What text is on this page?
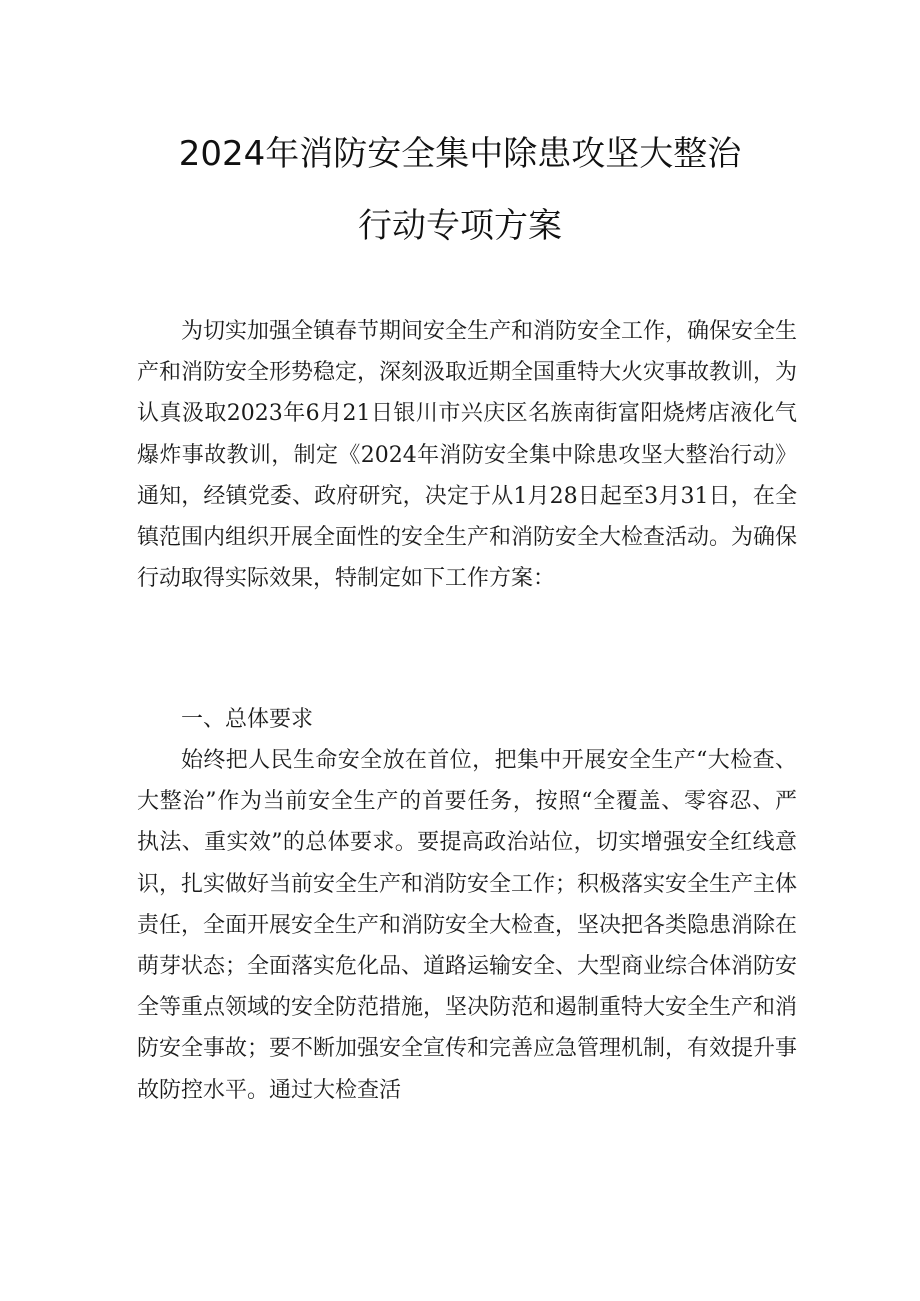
2024年消防安全集中除患攻坚大整治
行动专项方案

为切实加强全镇春节期间安全生产和消防安全工作，确保安全生产和消防安全形势稳定，深刻汲取近期全国重特大火灾事故教训，为认真汲取2023年6月21日银川市兴庆区名族南街富阳烧烤店液化气爆炸事故教训，制定《2024年消防安全集中除患攻坚大整治行动》通知，经镇党委、政府研究，决定于从1月28日起至3月31日，在全镇范围内组织开展全面性的安全生产和消防安全大检查活动。为确保行动取得实际效果，特制定如下工作方案：

一、总体要求

始终把人民生命安全放在首位，把集中开展安全生产“大检查、大整治”作为当前安全生产的首要任务，按照“全覆盖、零容忍、严执法、重实效”的总体要求。要提高政治站位，切实增强安全红线意识，扎实做好当前安全生产和消防安全工作；积极落实安全生产主体责任，全面开展安全生产和消防安全大检查，坚决把各类隐患消除在萌芽状态；全面落实危化品、道路运输安全、大型商业综合体消防安全等重点领域的安全防范措施，坚决防范和遏制重特大安全生产和消防安全事故；要不断加强安全宣传和完善应急管理机制，有效提升事故防控水平。通过大检查活
